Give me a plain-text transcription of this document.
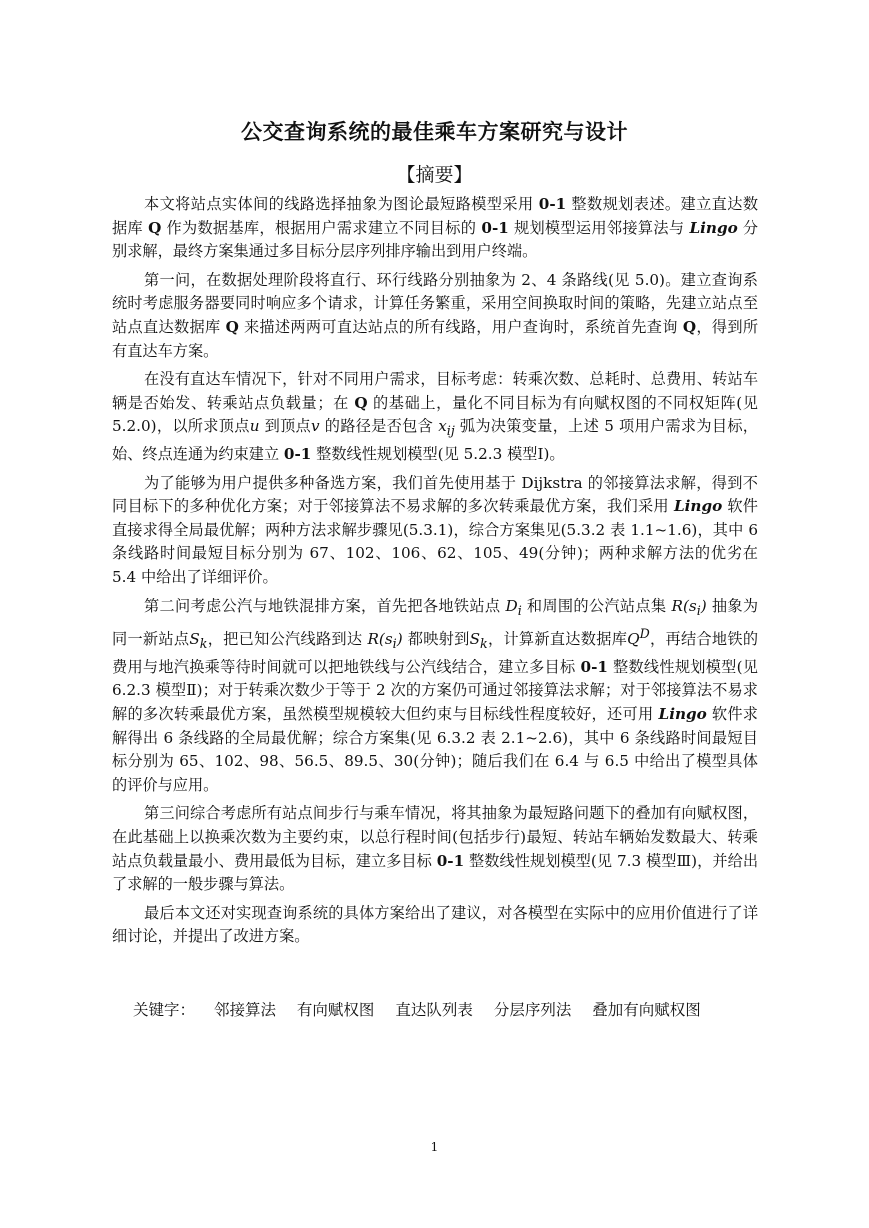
公交查询系统的最佳乘车方案研究与设计
【摘要】

本文将站点实体间的线路选择抽象为图论最短路模型采用 0-1 整数规划表述。建立直达数据库 Q 作为数据基库，根据用户需求建立不同目标的 0-1 规划模型运用邻接算法与 Lingo 分别求解，最终方案集通过多目标分层序列排序输出到用户终端。

第一问，在数据处理阶段将直行、环行线路分别抽象为 2、4 条路线(见 5.0)。建立查询系统时考虑服务器要同时响应多个请求，计算任务繁重，采用空间换取时间的策略，先建立站点至站点直达数据库 Q 来描述两两可直达站点的所有线路，用户查询时，系统首先查询 Q，得到所有直达车方案。

在没有直达车情况下，针对不同用户需求，目标考虑：转乘次数、总耗时、总费用、转站车辆是否始发、转乘站点负载量；在 Q 的基础上，量化不同目标为有向赋权图的不同权矩阵(见 5.2.0)，以所求顶点u 到顶点v 的路径是否包含 $x_{ij}$ 弧为决策变量，上述 5 项用户需求为目标，始、终点连通为约束建立 0-1 整数线性规划模型(见 5.2.3 模型Ⅰ)。

为了能够为用户提供多种备选方案，我们首先使用基于 Dijkstra 的邻接算法求解，得到不同目标下的多种优化方案；对于邻接算法不易求解的多次转乘最优方案，我们采用 Lingo 软件直接求得全局最优解；两种方法求解步骤见(5.3.1)，综合方案集见(5.3.2 表 1.1~1.6)，其中 6 条线路时间最短目标分别为 67、102、106、62、105、49(分钟)；两种求解方法的优劣在 5.4 中给出了详细评价。

第二问考虑公汽与地铁混排方案，首先把各地铁站点 $D_i$ 和周围的公汽站点集 $R(s_i)$ 抽象为同一新站点$S_k$，把已知公汽线路到达 $R(s_i)$ 都映射到$S_k$，计算新直达数据库$Q^D$，再结合地铁的费用与地汽换乘等待时间就可以把地铁线与公汽线结合，建立多目标 0-1 整数线性规划模型(见 6.2.3 模型Ⅱ)；对于转乘次数少于等于 2 次的方案仍可通过邻接算法求解；对于邻接算法不易求解的多次转乘最优方案，虽然模型规模较大但约束与目标线性程度较好，还可用 Lingo 软件求解得出 6 条线路的全局最优解；综合方案集(见 6.3.2 表 2.1~2.6)，其中 6 条线路时间最短目标分别为 65、102、98、56.5、89.5、30(分钟)；随后我们在 6.4 与 6.5 中给出了模型具体的评价与应用。

第三问综合考虑所有站点间步行与乘车情况，将其抽象为最短路问题下的叠加有向赋权图，在此基础上以换乘次数为主要约束，以总行程时间(包括步行)最短、转站车辆始发数最大、转乘站点负载量最小、费用最低为目标，建立多目标 0-1 整数线性规划模型(见 7.3 模型Ⅲ)，并给出了求解的一般步骤与算法。

最后本文还对实现查询系统的具体方案给出了建议，对各模型在实际中的应用价值进行了详细讨论，并提出了改进方案。

关键字： 邻接算法 有向赋权图 直达队列表 分层序列法 叠加有向赋权图
1
